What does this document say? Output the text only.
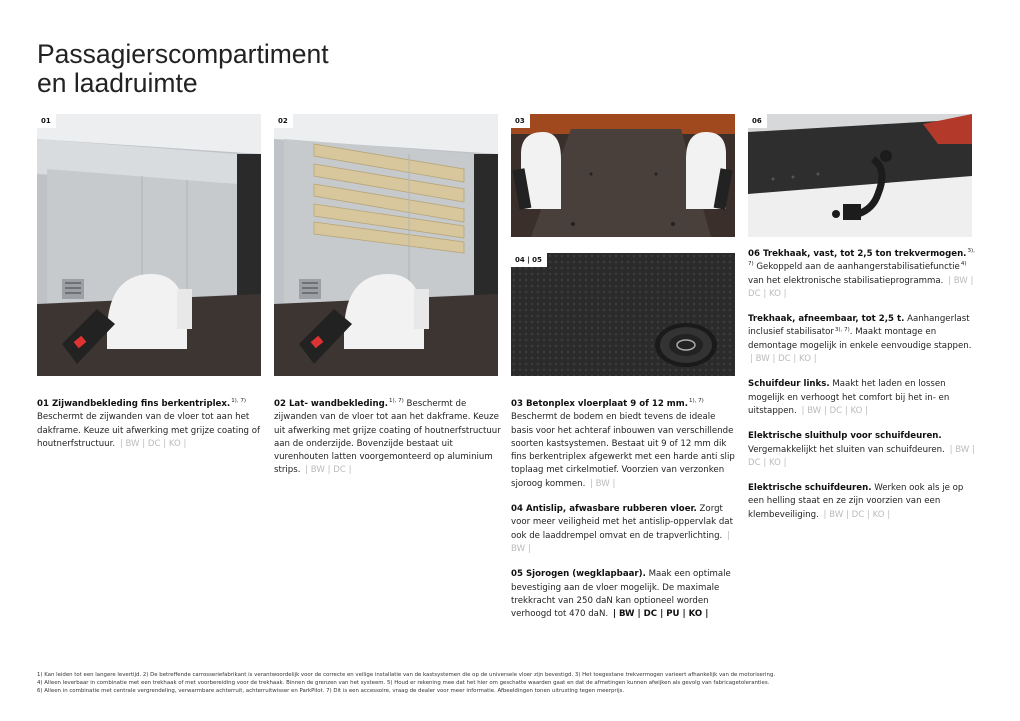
Passagierscompartiment
en laadruimte
01	02	03
04 | 05
06

01 Zijwandbekleding fins berkentriplex.$^{1), 7)}$ Beschermt de zijwanden van de vloer tot aan het dakframe. Keuze uit afwerking met grijze coating of houtnerfstructuur. | BW | DC | KO |

02 Lat- wandbekleding.$^{1), 7)}$ Beschermt de zijwanden van de vloer tot aan het dakframe. Keuze uit afwerking met grijze coating of houtnerfstructuur aan de onderzijde. Bovenzijde bestaat uit vurenhouten latten voorgemonteerd op aluminium strips. | BW | DC |

03 Betonplex vloerplaat 9 of 12 mm.$^{1), 7)}$ Beschermt de bodem en biedt tevens de ideale basis voor het achteraf inbouwen van verschillende soorten kastsystemen. Bestaat uit 9 of 12 mm dik fins berkentriplex afgewerkt met een harde anti slip toplaag met cirkelmotief. Voorzien van verzonken sjoroog kommen. | BW |

04 Antislip, afwasbare rubberen vloer. Zorgt voor meer veiligheid met het antislip-oppervlak dat ook de laaddrempel omvat en de trapverlichting. | BW |

05 Sjorogen (wegklapbaar). Maak een optimale bevestiging aan de vloer mogelijk. De maximale trekkracht van 250 daN kan optioneel worden verhoogd tot 470 daN. | BW | DC | PU | KO |

06 Trekhaak, vast, tot 2,5 ton trekvermogen.$^{3), 7)}$ Gekoppeld aan de aanhangerstabilisatiefunctie$^{4)}$ van het elektronische stabilisatieprogramma. | BW | DC | KO |

Trekhaak, afneembaar, tot 2,5 t. Aanhangerlast inclusief stabilisator$^{3), 7)}$. Maakt montage en demontage mogelijk in enkele eenvoudige stappen. | BW | DC | KO |

Schuifdeur links. Maakt het laden en lossen mogelijk en verhoogt het comfort bij het in- en uitstappen. | BW | DC | KO |

Elektrische sluithulp voor schuifdeuren. Vergemakkelijkt het sluiten van schuifdeuren. | BW | DC | KO |

Elektrische schuifdeuren. Werken ook als je op een helling staat en ze zijn voorzien van een klembeveiliging. | BW | DC | KO |

1) Kan leiden tot een langere levertijd. 2) De betreffende carrosseriefabrikant is verantwoordelijk voor de correcte en veilige installatie van de kastsystemen die op de universele vloer zijn bevestigd. 3) Het toegestane trekvermogen varieert afhankelijk van de motorisering.
4) Alleen leverbaar in combinatie met een trekhaak of met voorbereiding voor de trekhaak. Binnen de grenzen van het systeem. 5) Houd er rekening mee dat het hier om geschatte waarden gaat en dat de afmetingen kunnen afwijken als gevolg van fabricagetoleranties.
6) Alleen in combinatie met centrale vergrendeling, verwarmbare achterruit, achterruitwisser en ParkPilot. 7) Dit is een accessoire, vraag de dealer voor meer informatie. Afbeeldingen tonen uitrusting tegen meerprijs.
